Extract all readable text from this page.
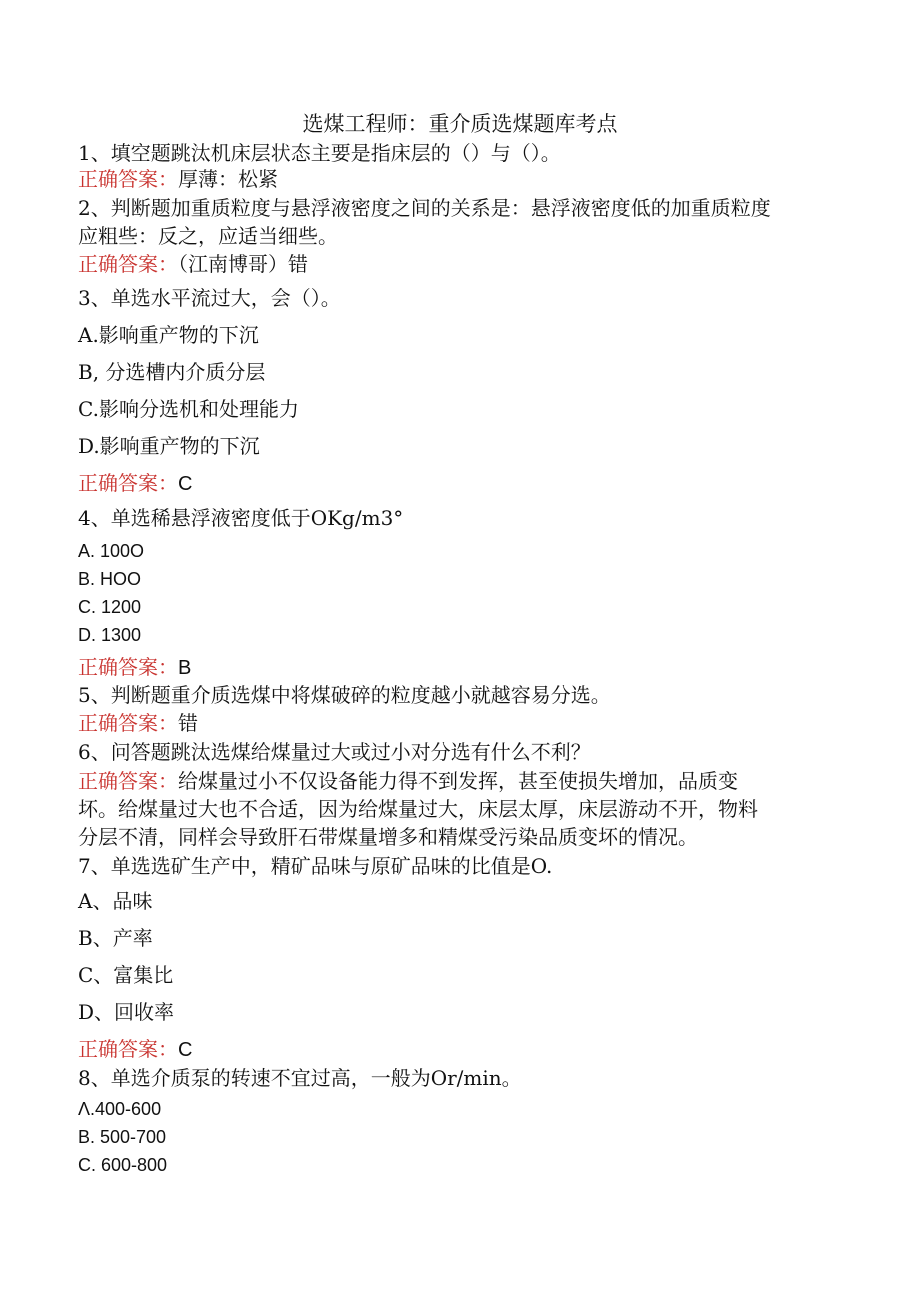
选煤工程师：重介质选煤题库考点
1、填空题跳汰机床层状态主要是指床层的（）与（）。
正确答案：厚薄：松紧
2、判断题加重质粒度与悬浮液密度之间的关系是：悬浮液密度低的加重质粒度
应粗些：反之，应适当细些。
正确答案：（江南博哥）错
3、单选水平流过大，会（）。
A.影响重产物的下沉
B, 分选槽内介质分层
C.影响分选机和处理能力
D.影响重产物的下沉
正确答案：C
4、单选稀悬浮液密度低于OKg∕m3°
A. 100O
B. HOO
C. 1200
D. 1300
正确答案：B
5、判断题重介质选煤中将煤破碎的粒度越小就越容易分选。
正确答案：错
6、问答题跳汰选煤给煤量过大或过小对分选有什么不利？
正确答案：给煤量过小不仅设备能力得不到发挥，甚至使损失增加，品质变
坏。给煤量过大也不合适，因为给煤量过大，床层太厚，床层游动不开，物料
分层不清，同样会导致肝石带煤量增多和精煤受污染品质变坏的情况。
7、单选选矿生产中，精矿品味与原矿品味的比值是O.
A、品味
B、产率
C、富集比
D、回收率
正确答案：C
8、单选介质泵的转速不宜过高，一般为Or∕min。
Λ.400-600
B. 500-700
C. 600-800
